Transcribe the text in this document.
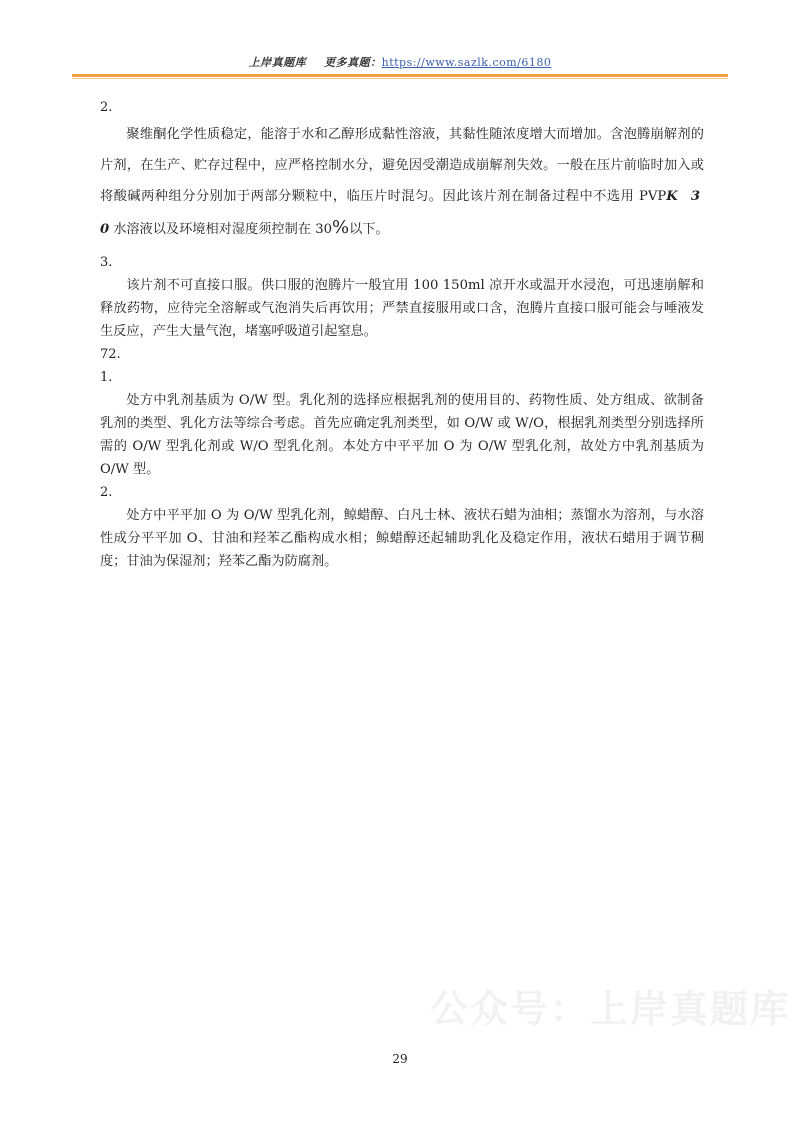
上岸真题库 更多真题：https://www.sazlk.com/6180

2.

聚维酮化学性质稳定，能溶于水和乙醇形成黏性溶液，其黏性随浓度增大而增加。含泡腾崩解剂的片剂，在生产、贮存过程中，应严格控制水分，避免因受潮造成崩解剂失效。一般在压片前临时加入或将酸碱两种组分分别加于两部分颗粒中，临压片时混匀。因此该片剂在制备过程中不选用 PVPK 3 0水溶液以及环境相对湿度须控制在 30%以下。

3.

该片剂不可直接口服。供口服的泡腾片一般宜用 100 150ml 凉开水或温开水浸泡，可迅速崩解和释放药物，应待完全溶解或气泡消失后再饮用；严禁直接服用或口含，泡腾片直接口服可能会与唾液发生反应，产生大量气泡，堵塞呼吸道引起窒息。

72.

1.

处方中乳剂基质为 O/W 型。乳化剂的选择应根据乳剂的使用目的、药物性质、处方组成、欲制备乳剂的类型、乳化方法等综合考虑。首先应确定乳剂类型，如 O/W 或 W/O，根据乳剂类型分别选择所需的 O/W 型乳化剂或 W/O 型乳化剂。本处方中平平加 O 为 O/W 型乳化剂，故处方中乳剂基质为 O/W 型。

2.

处方中平平加 O 为 O/W 型乳化剂，鲸蜡醇、白凡士林、液状石蜡为油相；蒸馏水为溶剂，与水溶性成分平平加 O、甘油和羟苯乙酯构成水相；鲸蜡醇还起辅助乳化及稳定作用，液状石蜡用于调节稠度；甘油为保湿剂；羟苯乙酯为防腐剂。

公众号：上岸真题库
29
